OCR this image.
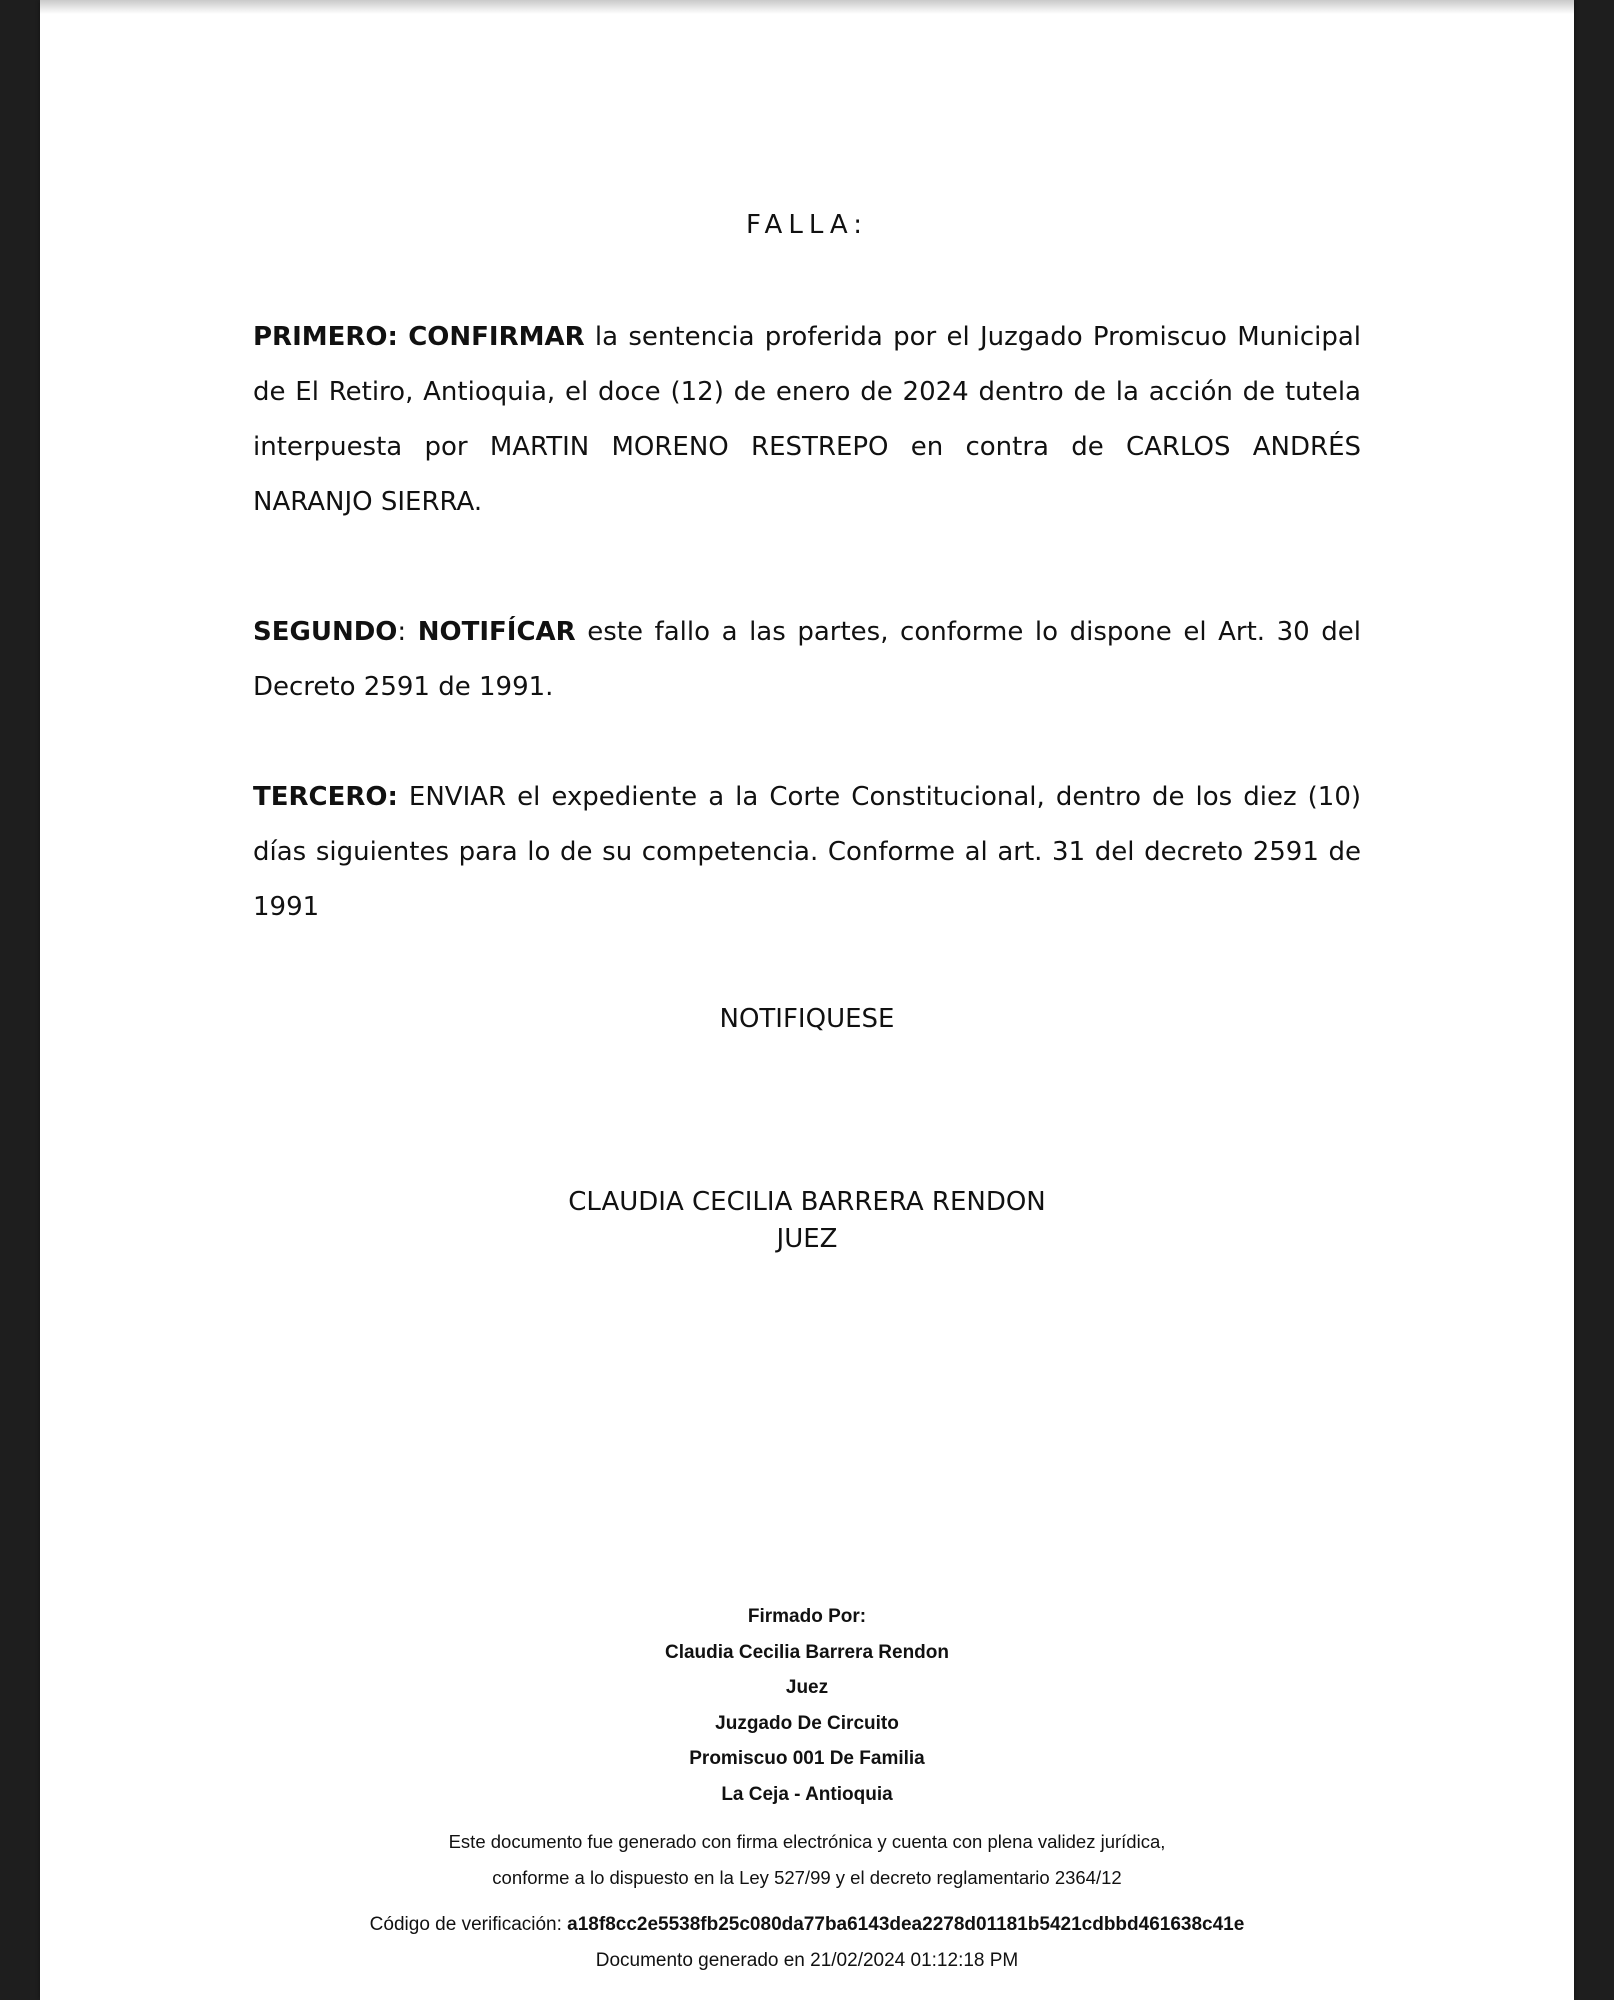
FALLA:
PRIMERO: CONFIRMAR la sentencia proferida por el Juzgado Promiscuo Municipal de El Retiro, Antioquia, el doce (12) de enero de 2024 dentro de la acción de tutela interpuesta por MARTIN MORENO RESTREPO en contra de CARLOS ANDRÉS NARANJO SIERRA.
SEGUNDO: NOTIFÍCAR este fallo a las partes, conforme lo dispone el Art. 30 del Decreto 2591 de 1991.
TERCERO: ENVIAR el expediente a la Corte Constitucional, dentro de los diez (10) días siguientes para lo de su competencia. Conforme al art. 31 del decreto 2591 de 1991
NOTIFIQUESE
CLAUDIA CECILIA BARRERA RENDON
JUEZ
Firmado Por:
Claudia Cecilia Barrera Rendon
Juez
Juzgado De Circuito
Promiscuo 001 De Familia
La Ceja - Antioquia
Este documento fue generado con firma electrónica y cuenta con plena validez jurídica,
conforme a lo dispuesto en la Ley 527/99 y el decreto reglamentario 2364/12
Código de verificación: a18f8cc2e5538fb25c080da77ba6143dea2278d01181b5421cdbbd461638c41e
Documento generado en 21/02/2024 01:12:18 PM
